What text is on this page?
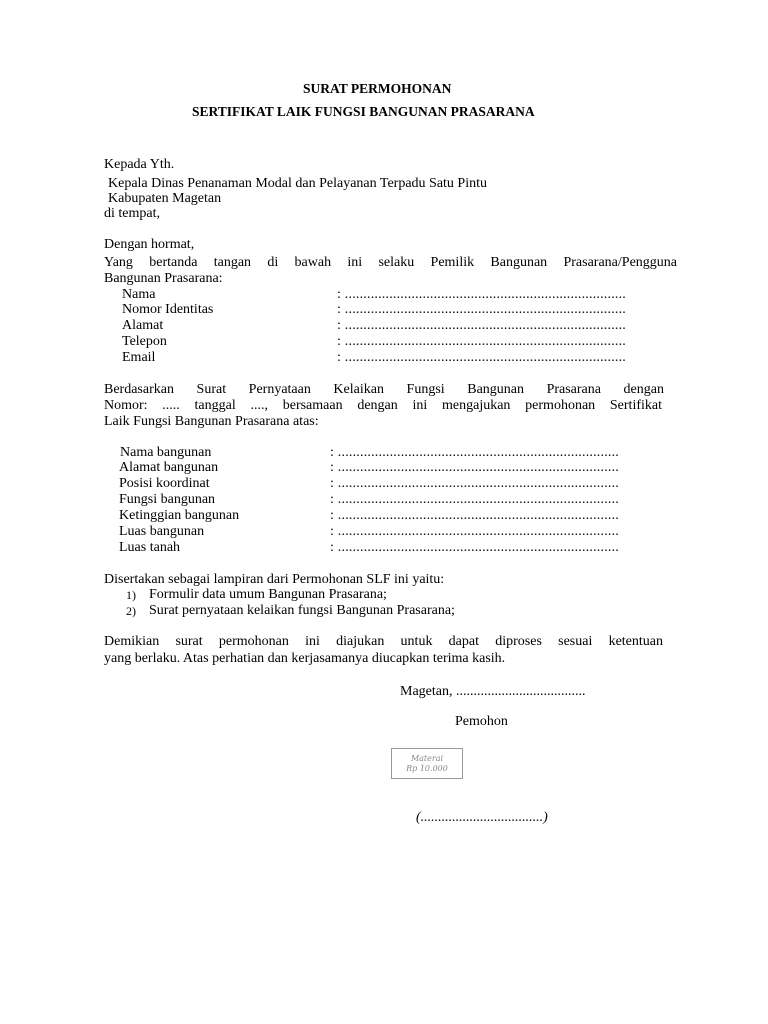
SURAT PERMOHONAN
SERTIFIKAT LAIK FUNGSI BANGUNAN PRASARANA
Kepada Yth.
Kepala Dinas Penanaman Modal dan Pelayanan Terpadu Satu Pintu
Kabupaten Magetan
di tempat,
Dengan hormat,
Yang bertanda tangan di bawah ini selaku Pemilik Bangunan Prasarana/Pengguna
Bangunan Prasarana:
Nama	: ............................................................................
Nomor Identitas	: ............................................................................
Alamat	: ............................................................................
Telepon	: ............................................................................
Email	: ............................................................................
Berdasarkan Surat Pernyataan Kelaikan Fungsi Bangunan Prasarana dengan
Nomor: ..... tanggal ...., bersamaan dengan ini mengajukan permohonan Sertifikat
Laik Fungsi Bangunan Prasarana atas:
Nama bangunan	: ............................................................................
Alamat bangunan	: ............................................................................
Posisi koordinat	: ............................................................................
Fungsi bangunan	: ............................................................................
Ketinggian bangunan	: ............................................................................
Luas bangunan	: ............................................................................
Luas tanah	: ............................................................................
Disertakan sebagai lampiran dari Permohonan SLF ini yaitu:
1) Formulir data umum Bangunan Prasarana;
2) Surat pernyataan kelaikan fungsi Bangunan Prasarana;
Demikian surat permohonan ini diajukan untuk dapat diproses sesuai ketentuan
yang berlaku. Atas perhatian dan kerjasamanya diucapkan terima kasih.
Magetan, .....................................
Pemohon
Materai
Rp 10.000
(...................................)
